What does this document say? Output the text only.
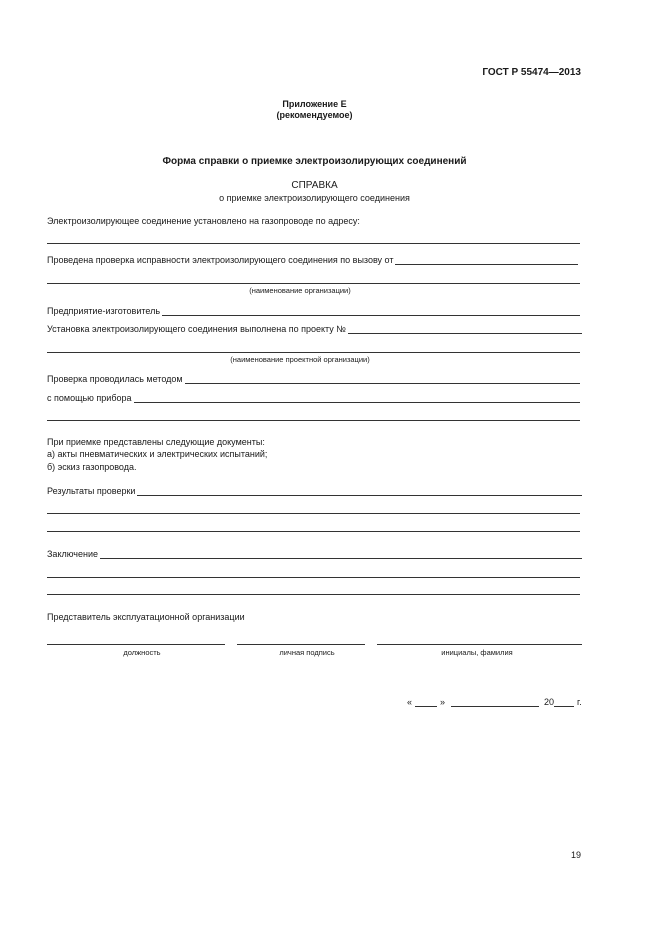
ГОСТ Р 55474—2013
Приложение Е
(рекомендуемое)
Форма справки о приемке электроизолирующих соединений
СПРАВКА
о приемке электроизолирующего соединения
Электроизолирующее соединение установлено на газопроводе по адресу:
Проведена проверка исправности электроизолирующего соединения по вызову от
(наименование организации)
Предприятие-изготовитель
Установка электроизолирующего соединения выполнена по проекту №
(наименование проектной организации)
Проверка проводилась методом
с помощью прибора
При приемке представлены следующие документы:
а) акты пневматических и электрических испытаний;
б) эскиз газопровода.
Результаты проверки
Заключение
Представитель эксплуатационной организации
должность	личная подпись	инициалы, фамилия
«	»	20	г.
19
